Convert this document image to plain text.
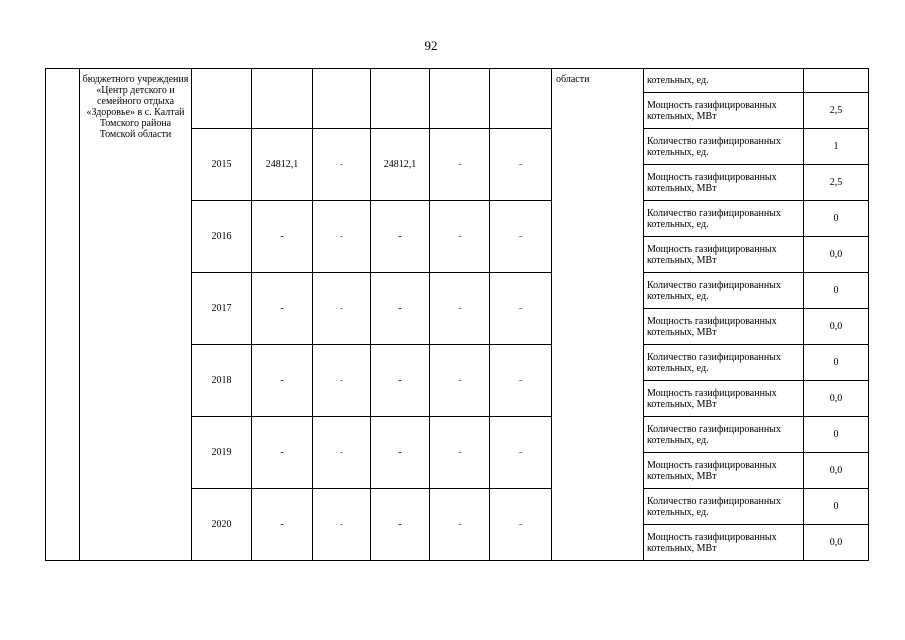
92
	бюджетного учреждения «Центр детского и семейного отдыха «Здоровье» в с. Калтай Томского района Томской области							области	котельных, ед.	
									Мощность газифицированных котельных, МВт	2,5
		2015	24812,1	-	24812,1	-	-		Количество газифицированных котельных, ед.	1
									Мощность газифицированных котельных, МВт	2,5
		2016	-	-	-	-	-		Количество газифицированных котельных, ед.	0
									Мощность газифицированных котельных, МВт	0,0
		2017	-	-	-	-	-		Количество газифицированных котельных, ед.	0
									Мощность газифицированных котельных, МВт	0,0
		2018	-	-	-	-	-		Количество газифицированных котельных, ед.	0
									Мощность газифицированных котельных, МВт	0,0
		2019	-	-	-	-	-		Количество газифицированных котельных, ед.	0
									Мощность газифицированных котельных, МВт	0,0
		2020	-	-	-	-	-		Количество газифицированных котельных, ед.	0
									Мощность газифицированных котельных, МВт	0,0
